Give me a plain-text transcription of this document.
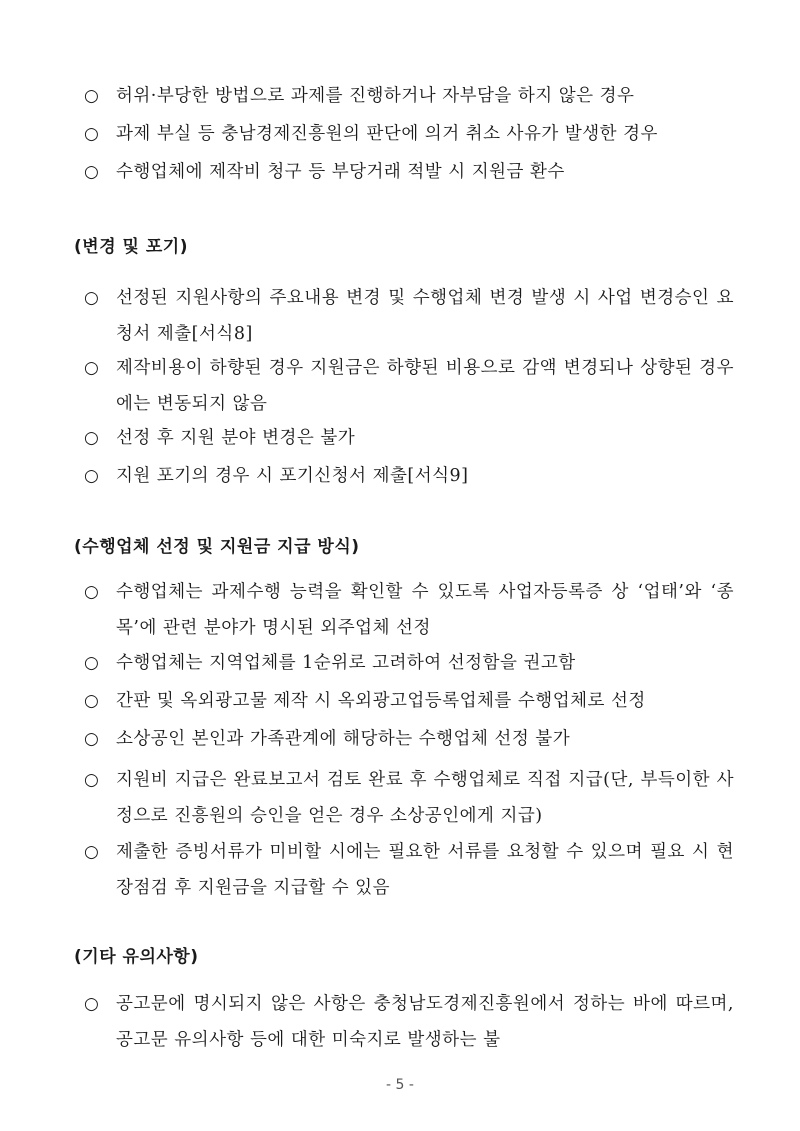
○ 허위·부당한 방법으로 과제를 진행하거나 자부담을 하지 않은 경우
○ 과제 부실 등 충남경제진흥원의 판단에 의거 취소 사유가 발생한 경우
○ 수행업체에 제작비 청구 등 부당거래 적발 시 지원금 환수
(변경 및 포기)
○ 선정된 지원사항의 주요내용 변경 및 수행업체 변경 발생 시 사업 변경승인 요청서 제출[서식8]
○ 제작비용이 하향된 경우 지원금은 하향된 비용으로 감액 변경되나 상향된 경우에는 변동되지 않음
○ 선정 후 지원 분야 변경은 불가
○ 지원 포기의 경우 시 포기신청서 제출[서식9]
(수행업체 선정 및 지원금 지급 방식)
○ 수행업체는 과제수행 능력을 확인할 수 있도록 사업자등록증 상 ‘업태’와 ‘종목’에 관련 분야가 명시된 외주업체 선정
○ 수행업체는 지역업체를 1순위로 고려하여 선정함을 권고함
○ 간판 및 옥외광고물 제작 시 옥외광고업등록업체를 수행업체로 선정
○ 소상공인 본인과 가족관계에 해당하는 수행업체 선정 불가
○ 지원비 지급은 완료보고서 검토 완료 후 수행업체로 직접 지급(단, 부득이한 사정으로 진흥원의 승인을 얻은 경우 소상공인에게 지급)
○ 제출한 증빙서류가 미비할 시에는 필요한 서류를 요청할 수 있으며 필요 시 현장점검 후 지원금을 지급할 수 있음
(기타 유의사항)
○ 공고문에 명시되지 않은 사항은 충청남도경제진흥원에서 정하는 바에 따르며, 공고문 유의사항 등에 대한 미숙지로 발생하는 불
- 5 -
